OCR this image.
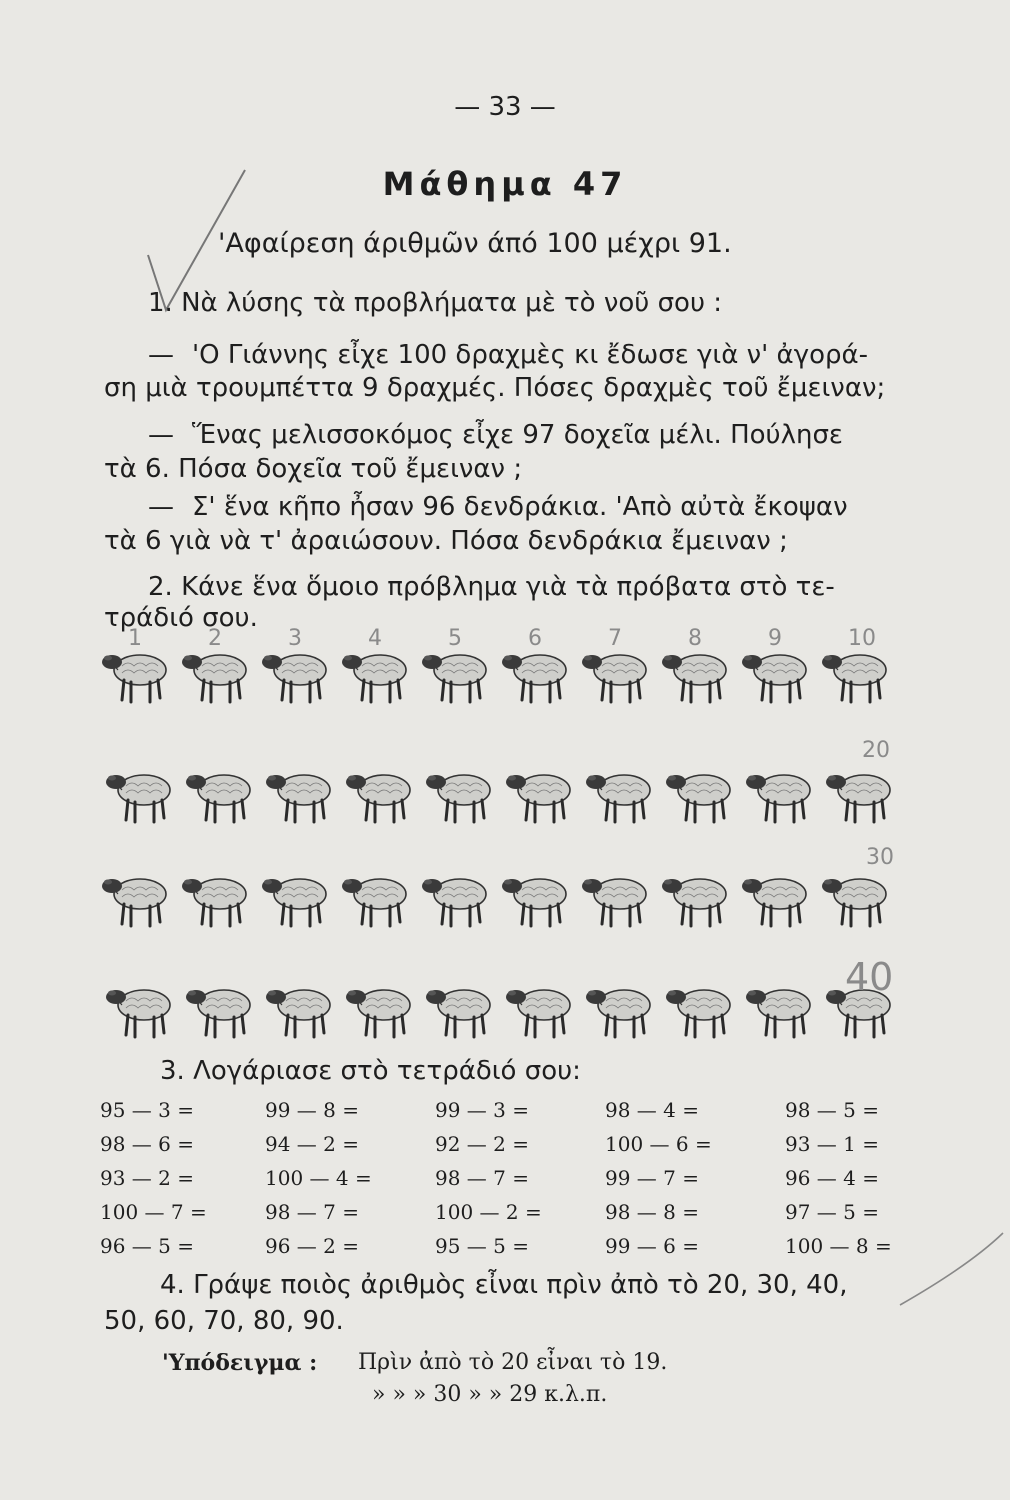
— 33 —
Μάθημα 47
'Αφαίρεση άριθμῶν άπό 100 μέχρι 91.
1. Νὰ λύσης τὰ προβλήματα μὲ τὸ νοῦ σου :
— 'Ο Γιάννης εἶχε 100 δραχμὲς κι ἔδωσε γιὰ ν' ἀγορά-
ση μιὰ τρουμπέττα 9 δραχμές. Πόσες δραχμὲς τοῦ ἔμειναν;
— Ἕνας μελισσοκόμος εἶχε 97 δοχεῖα μέλι. Πούλησε
τὰ 6. Πόσα δοχεῖα τοῦ ἔμειναν ;
— Σ' ἕνα κῆπο ἦσαν 96 δενδράκια. 'Απὸ αὐτὰ ἔκοψαν
τὰ 6 γιὰ νὰ τ' ἀραιώσουν. Πόσα δενδράκια ἔμειναν ;
2. Κάνε ἕνα ὅμοιο πρόβλημα γιὰ τὰ πρόβατα στὸ τε-
τράδιό σου.
1	2	3	4	5	6	7	8	9	10
20
30
40
3. Λογάριασε στὸ τετράδιό σου:
95 — 3 =	99 — 8 =	99 — 3 =	98 — 4 =	98 — 5 =
98 — 6 =	94 — 2 =	92 — 2 =	100 — 6 =	93 — 1 =
93 — 2 =	100 — 4 =	98 — 7 =	99 — 7 =	96 — 4 =
100 — 7 =	98 — 7 =	100 — 2 =	98 — 8 =	97 — 5 =
96 — 5 =	96 — 2 =	95 — 5 =	99 — 6 =	100 — 8 =
4. Γράψε ποιὸς ἀριθμὸς εἶναι πρὶν ἀπὸ τὸ 20, 30, 40,
50, 60, 70, 80, 90.
'Υπόδειγμα : Πρὶν ἀπὸ τὸ 20 εἶναι τὸ 19.
» » » 30 » » 29 κ.λ.π.
